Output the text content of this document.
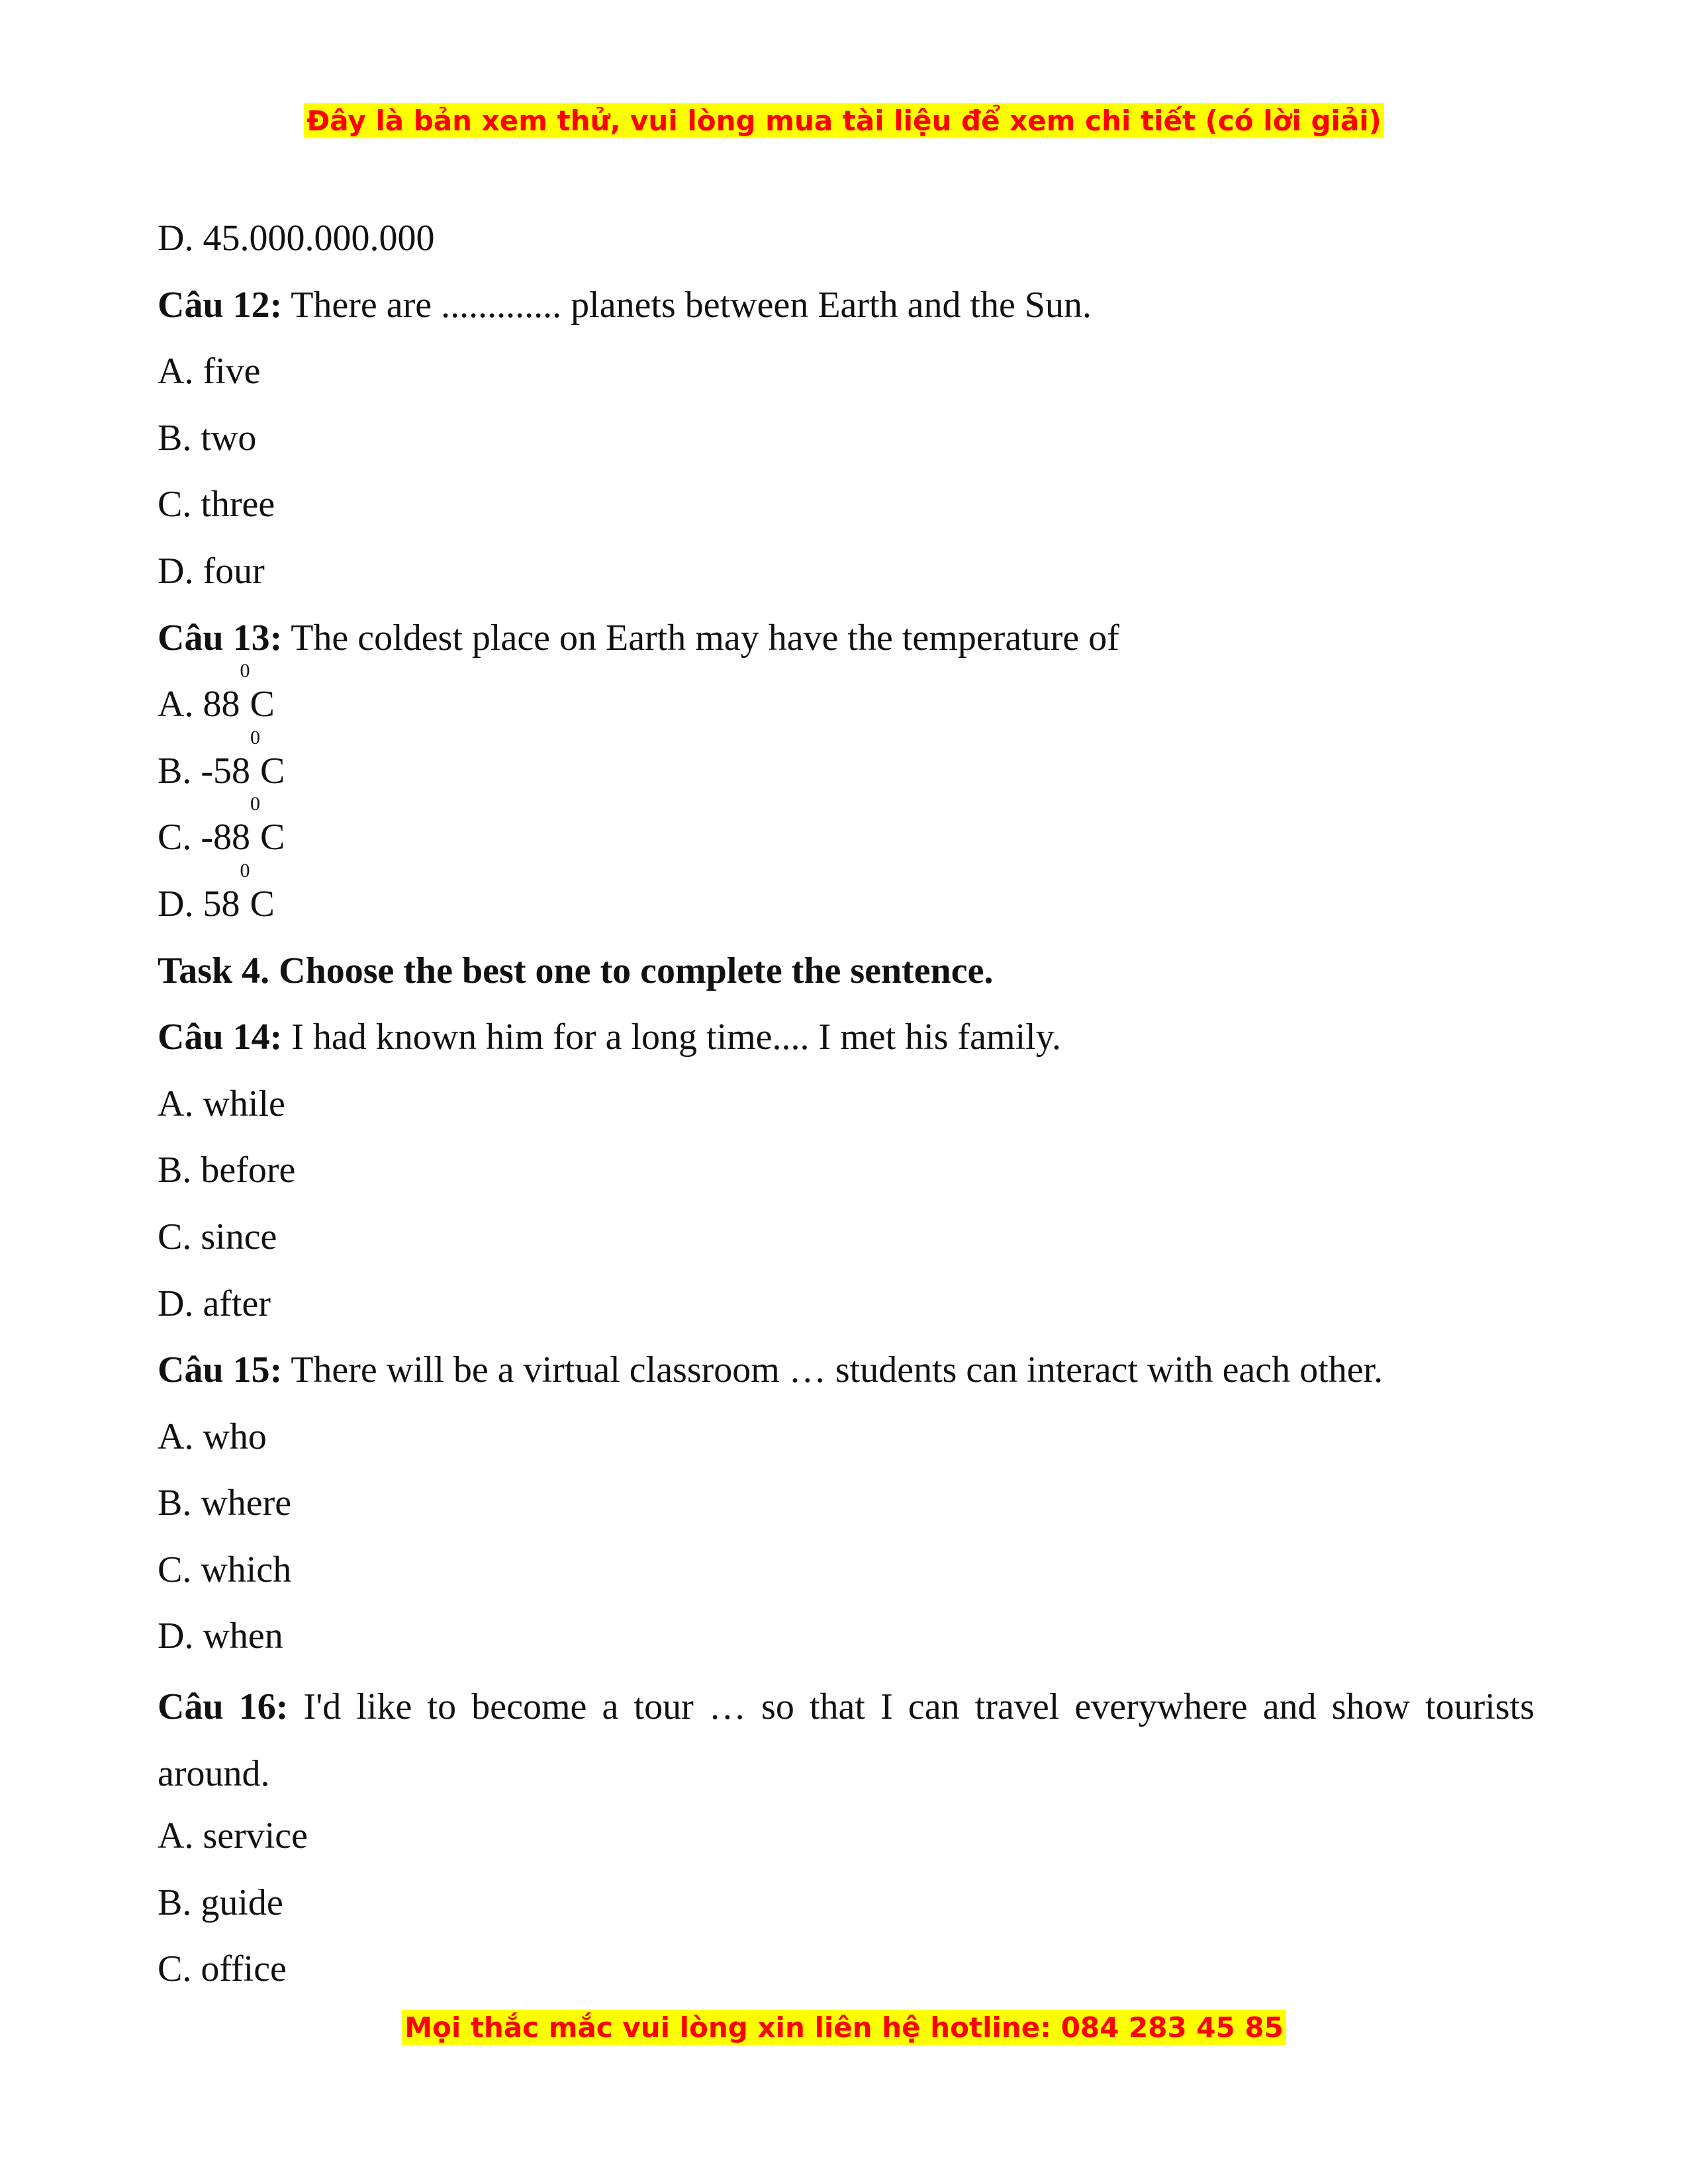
Đây là bản xem thử, vui lòng mua tài liệu để xem chi tiết (có lời giải)
D. 45.000.000.000
Câu 12: There are ............. planets between Earth and the Sun.
A. five
B. two
C. three
D. four
Câu 13: The coldest place on Earth may have the temperature of
A. $88^0C$
B. $-58^0C$
C. $-88^0C$
D. $58^0C$
Task 4. Choose the best one to complete the sentence.
Câu 14: I had known him for a long time.... I met his family.
A. while
B. before
C. since
D. after
Câu 15: There will be a virtual classroom … students can interact with each other.
A. who
B. where
C. which
D. when
Câu 16: I'd like to become a tour … so that I can travel everywhere and show tourists around.
A. service
B. guide
C. office
Mọi thắc mắc vui lòng xin liên hệ hotline: 084 283 45 85
